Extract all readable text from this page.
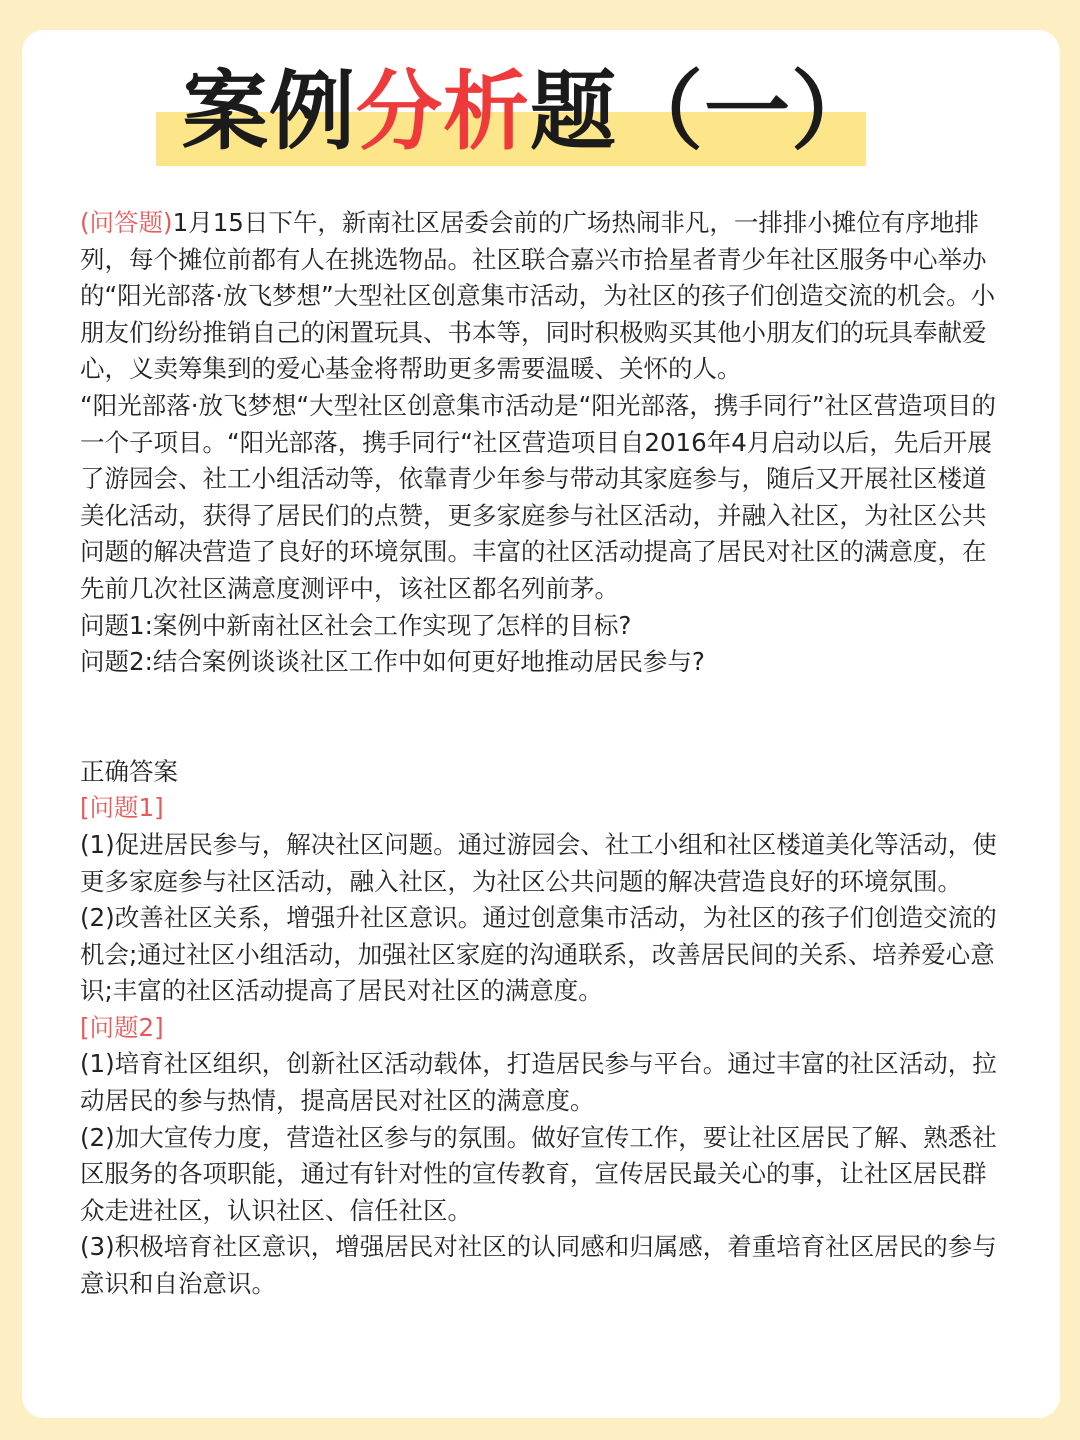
案例分析题（一）

(问答题)1月15日下午，新南社区居委会前的广场热闹非凡，一排排小摊位有序地排列，每个摊位前都有人在挑选物品。社区联合嘉兴市拾星者青少年社区服务中心举办的“阳光部落·放飞梦想”大型社区创意集市活动，为社区的孩子们创造交流的机会。小朋友们纷纷推销自己的闲置玩具、书本等，同时积极购买其他小朋友们的玩具奉献爱心，义卖筹集到的爱心基金将帮助更多需要温暖、关怀的人。

“阳光部落·放飞梦想“大型社区创意集市活动是“阳光部落，携手同行”社区营造项目的一个子项目。“阳光部落，携手同行“社区营造项目自2016年4月启动以后，先后开展了游园会、社工小组活动等，依靠青少年参与带动其家庭参与，随后又开展社区楼道美化活动，获得了居民们的点赞，更多家庭参与社区活动，并融入社区，为社区公共问题的解决营造了良好的环境氛围。丰富的社区活动提高了居民对社区的满意度，在先前几次社区满意度测评中，该社区都名列前茅。

问题1:案例中新南社区社会工作实现了怎样的目标?

问题2:结合案例谈谈社区工作中如何更好地推动居民参与?

正确答案

[问题1]

(1)促进居民参与，解决社区问题。通过游园会、社工小组和社区楼道美化等活动，使更多家庭参与社区活动，融入社区，为社区公共问题的解决营造良好的环境氛围。

(2)改善社区关系，增强升社区意识。通过创意集市活动，为社区的孩子们创造交流的机会;通过社区小组活动，加强社区家庭的沟通联系，改善居民间的关系、培养爱心意识;丰富的社区活动提高了居民对社区的满意度。

[问题2]

(1)培育社区组织，创新社区活动载体，打造居民参与平台。通过丰富的社区活动，拉动居民的参与热情，提高居民对社区的满意度。

(2)加大宣传力度，营造社区参与的氛围。做好宣传工作，要让社区居民了解、熟悉社区服务的各项职能，通过有针对性的宣传教育，宣传居民最关心的事，让社区居民群众走进社区，认识社区、信任社区。

(3)积极培育社区意识，增强居民对社区的认同感和归属感，着重培育社区居民的参与意识和自治意识。
